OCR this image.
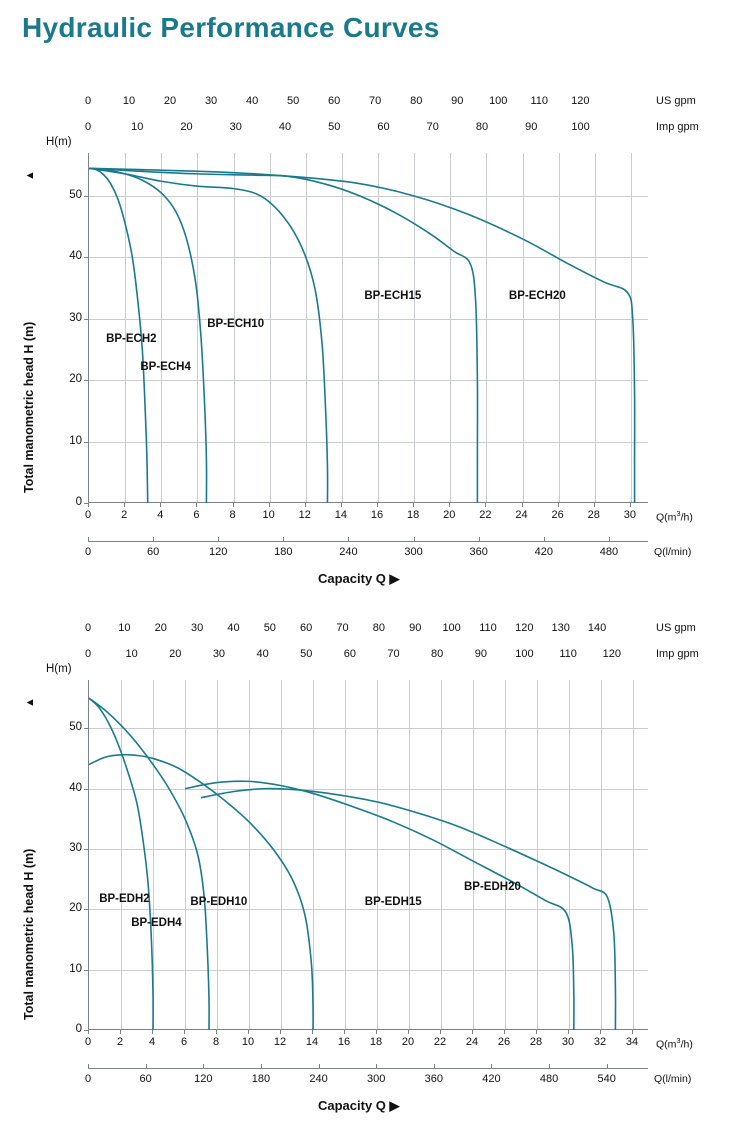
Hydraulic Performance Curves
0	10	20	30	40	50	60	70	80	90	100	110	120	US gpm
0	10	20	30	40	50	60	70	80	90	100	Imp gpm
H(m)
BP-ECH2
BP-ECH4
BP-ECH10
BP-ECH15	BP-ECH20
0
10
20
30
40
50
0	2	4	6	8	10	12	14	16	18	20	22	24	26	28	30	$Q(m^3/h)$
0	60	120	180	240	300	360	420	480	Q(l/min)
Capacity Q ▶
Total manometric head H (m)
▲
0	10	20	30	40	50	60	70	80	90	100	110	120	130	140	US gpm
0	10	20	30	40	50	60	70	80	90	100	110	120	Imp gpm
H(m)
BP-EDH2
BP-EDH4
BP-EDH10	BP-EDH15
BP-EDH20
0
10
20
30
40
50
0	2	4	6	8	10	12	14	16	18	20	22	24	26	28	30	32	34	$Q(m^3/h)$
0	60	120	180	240	300	360	420	480	540	Q(l/min)
Capacity Q ▶
Total manometric head H (m)
▲
